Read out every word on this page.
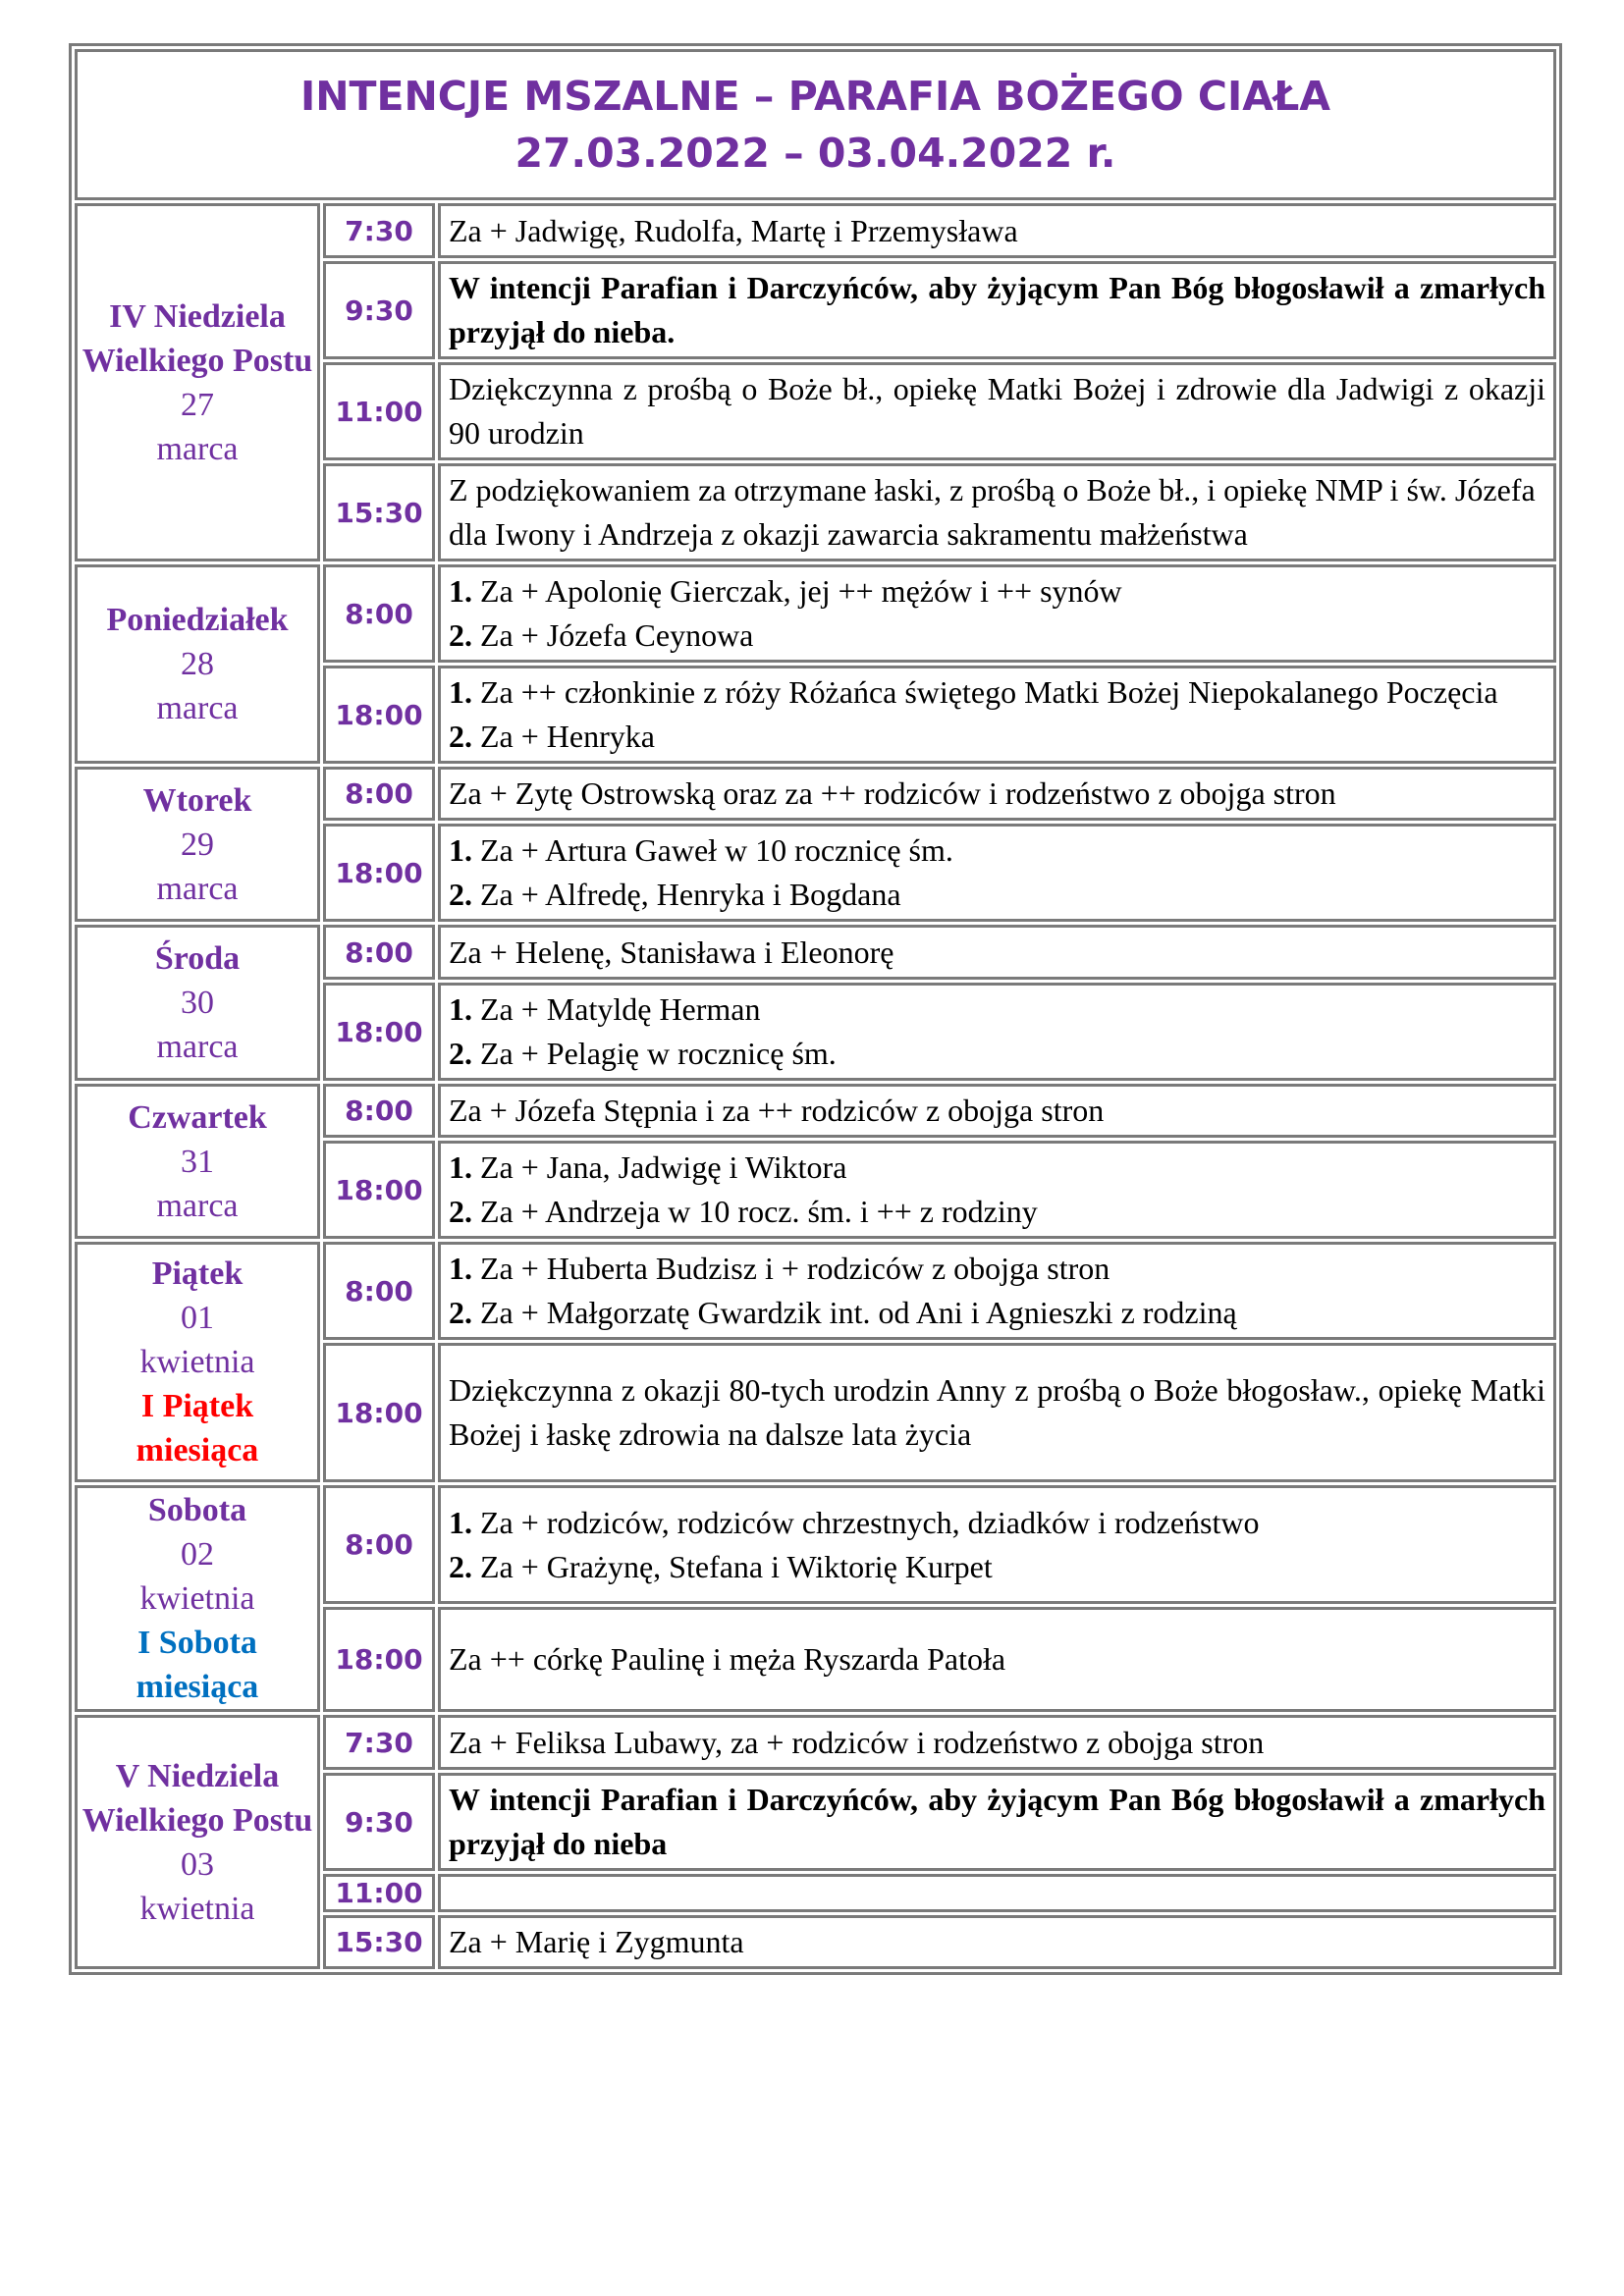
INTENCJE MSZALNE – PARAFIA BOŻEGO CIAŁA
27.03.2022 – 03.04.2022 r.		

IV Niedziela Wielkiego Postu
27
marca	7:30	Za + Jadwigę, Rudolfa, Martę i Przemysława

	9:30	W intencji Parafian i Darczyńców, aby żyjącym Pan Bóg błogosławił a zmarłych przyjął do nieba.
	11:00	Dziękczynna z prośbą o Boże bł., opiekę Matki Bożej i zdrowie dla Jadwigi z okazji 90 urodzin
	15:30	Z podziękowaniem za otrzymane łaski, z prośbą o Boże bł., i opiekę NMP i św. Józefa dla Iwony i Andrzeja z okazji zawarcia sakramentu małżeństwa

Poniedziałek
28
marca	8:00	1. Za + Apolonię Gierczak, jej ++ mężów i ++ synów
2. Za + Józefa Ceynowa

	18:00	1. Za ++ członkinie z róży Różańca świętego Matki Bożej Niepokalanego Poczęcia
2. Za + Henryka

Wtorek
29
marca	8:00	Za + Zytę Ostrowską oraz za ++ rodziców i rodzeństwo z obojga stron

	18:00	1. Za + Artura Gaweł w 10 rocznicę śm.
2. Za + Alfredę, Henryka i Bogdana

Środa
30
marca	8:00	Za + Helenę, Stanisława i Eleonorę

	18:00	1. Za + Matyldę Herman
2. Za + Pelagię w rocznicę śm.

Czwartek
31
marca	8:00	Za + Józefa Stępnia i za ++ rodziców z obojga stron

	18:00	1. Za + Jana, Jadwigę i Wiktora
2. Za + Andrzeja w 10 rocz. śm. i ++ z rodziny

Piątek
01
kwietnia
I Piątek miesiąca	8:00	1. Za + Huberta Budzisz i + rodziców z obojga stron
2. Za + Małgorzatę Gwardzik int. od Ani i Agnieszki z rodziną

	18:00	Dziękczynna z okazji 80-tych urodzin Anny z prośbą o Boże błogosław., opiekę Matki Bożej i łaskę zdrowia na dalsze lata życia

Sobota
02
kwietnia
I Sobota miesiąca	8:00	1. Za + rodziców, rodziców chrzestnych, dziadków i rodzeństwo
2. Za + Grażynę, Stefana i Wiktorię Kurpet

	18:00	Za ++ córkę Paulinę i męża Ryszarda Patoła

V Niedziela Wielkiego Postu
03
kwietnia	7:30	Za + Feliksa Lubawy, za + rodziców i rodzeństwo z obojga stron

	9:30	W intencji Parafian i Darczyńców, aby żyjącym Pan Bóg błogosławił a zmarłych przyjął do nieba
	11:00	

	15:30	Za + Marię i Zygmunta
